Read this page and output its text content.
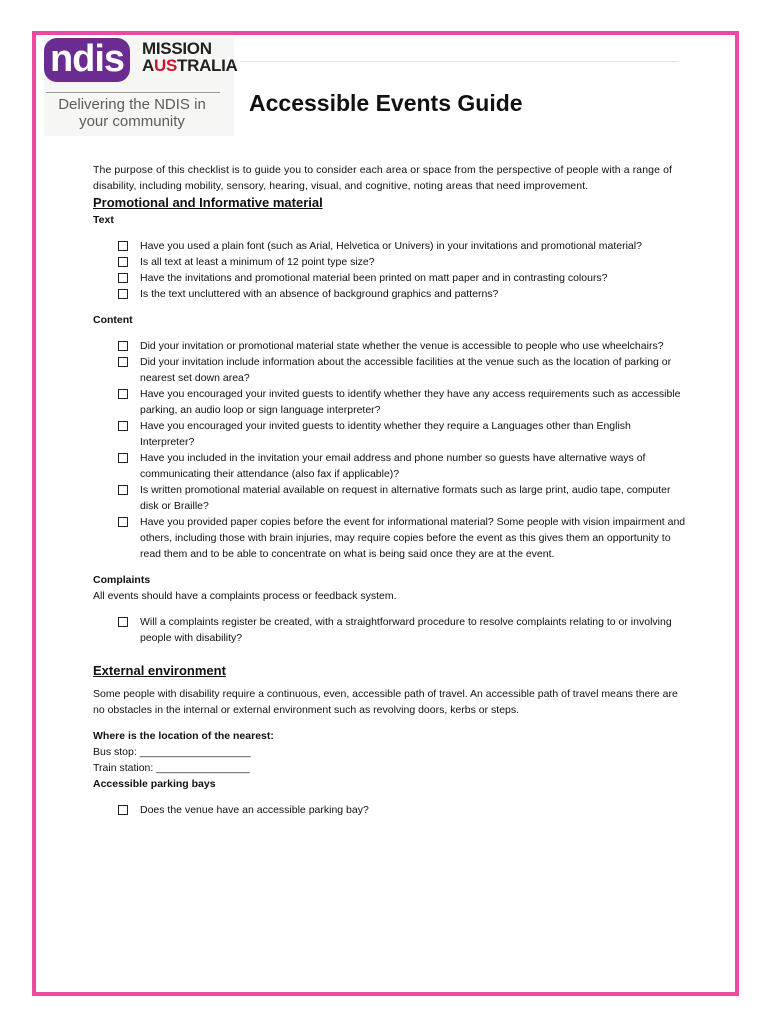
ndis	MISSION
AUSTRALIA
Delivering the NDIS in
your community
Accessible Events Guide

The purpose of this checklist is to guide you to consider each area or space from the perspective of people with a range of disability, including mobility, sensory, hearing, visual, and cognitive, noting areas that need improvement.

Promotional and Informative material

Text

Have you used a plain font (such as Arial, Helvetica or Univers) in your invitations and promotional material?
Is all text at least a minimum of 12 point type size?
Have the invitations and promotional material been printed on matt paper and in contrasting colours?
Is the text uncluttered with an absence of background graphics and patterns?

Content

Did your invitation or promotional material state whether the venue is accessible to people who use wheelchairs?
Did your invitation include information about the accessible facilities at the venue such as the location of parking or nearest set down area?
Have you encouraged your invited guests to identify whether they have any access requirements such as accessible parking, an audio loop or sign language interpreter?
Have you encouraged your invited guests to identity whether they require a Languages other than English Interpreter?
Have you included in the invitation your email address and phone number so guests have alternative ways of communicating their attendance (also fax if applicable)?
Is written promotional material available on request in alternative formats such as large print, audio tape, computer disk or Braille?
Have you provided paper copies before the event for informational material? Some people with vision impairment and others, including those with brain injuries, may require copies before the event as this gives them an opportunity to read them and to be able to concentrate on what is being said once they are at the event.

Complaints

All events should have a complaints process or feedback system.

Will a complaints register be created, with a straightforward procedure to resolve complaints relating to or involving people with disability?

External environment

Some people with disability require a continuous, even, accessible path of travel. An accessible path of travel means there are no obstacles in the internal or external environment such as revolving doors, kerbs or steps.

Where is the location of the nearest:

Bus stop: ___________________

Train station: ________________

Accessible parking bays

Does the venue have an accessible parking bay?
